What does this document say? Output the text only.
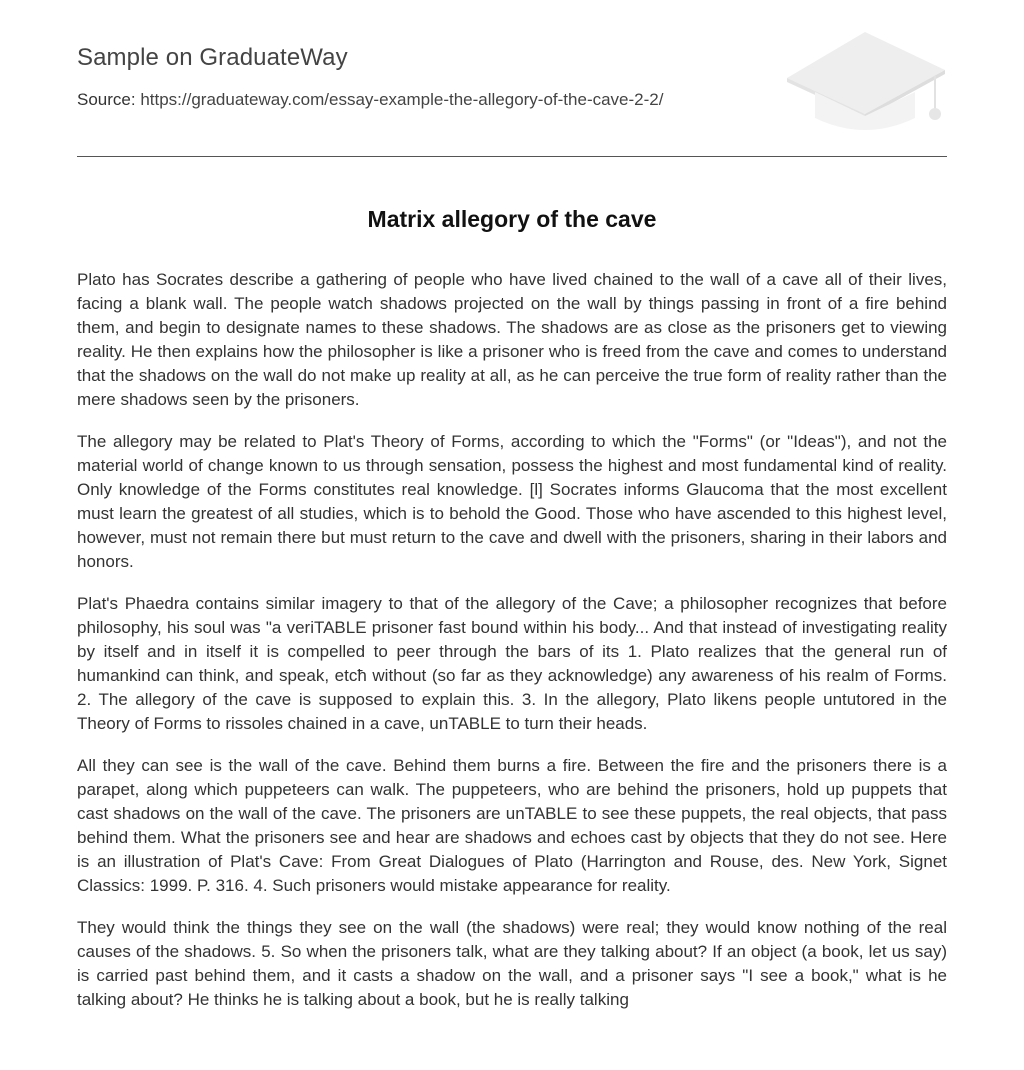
Sample on GraduateWay
Source: https://graduateway.com/essay-example-the-allegory-of-the-cave-2-2/
Matrix allegory of the cave

Plato has Socrates describe a gathering of people who have lived chained to the wall of a cave all of their lives, facing a blank wall. The people watch shadows projected on the wall by things passing in front of a fire behind them, and begin to designate names to these shadows. The shadows are as close as the prisoners get to viewing reality. He then explains how the philosopher is like a prisoner who is freed from the cave and comes to understand that the shadows on the wall do not make up reality at all, as he can perceive the true form of reality rather than the mere shadows seen by the prisoners.

The allegory may be related to Plat's Theory of Forms, according to which the "Forms" (or "Ideas"), and not the material world of change known to us through sensation, possess the highest and most fundamental kind of reality. Only knowledge of the Forms constitutes real knowledge. [l] Socrates informs Glaucoma that the most excellent must learn the greatest of all studies, which is to behold the Good. Those who have ascended to this highest level, however, must not remain there but must return to the cave and dwell with the prisoners, sharing in their labors and honors.

Plat's Phaedra contains similar imagery to that of the allegory of the Cave; a philosopher recognizes that before philosophy, his soul was "a veriTABLE prisoner fast bound within his body... And that instead of investigating reality by itself and in itself it is compelled to peer through the bars of its 1. Plato realizes that the general run of humankind can think, and speak, etcћ without (so far as they acknowledge) any awareness of his realm of Forms. 2. The allegory of the cave is supposed to explain this. 3. In the allegory, Plato likens people untutored in the Theory of Forms to rissoles chained in a cave, unTABLE to turn their heads.

All they can see is the wall of the cave. Behind them burns a fire. Between the fire and the prisoners there is a parapet, along which puppeteers can walk. The puppeteers, who are behind the prisoners, hold up puppets that cast shadows on the wall of the cave. The prisoners are unTABLE to see these puppets, the real objects, that pass behind them. What the prisoners see and hear are shadows and echoes cast by objects that they do not see. Here is an illustration of Plat's Cave: From Great Dialogues of Plato (Harrington and Rouse, des. New York, Signet Classics: 1999. P. 316. 4. Such prisoners would mistake appearance for reality.

They would think the things they see on the wall (the shadows) were real; they would know nothing of the real causes of the shadows. 5. So when the prisoners talk, what are they talking about? If an object (a book, let us say) is carried past behind them, and it casts a shadow on the wall, and a prisoner says "I see a book," what is he talking about? He thinks he is talking about a book, but he is really talking
